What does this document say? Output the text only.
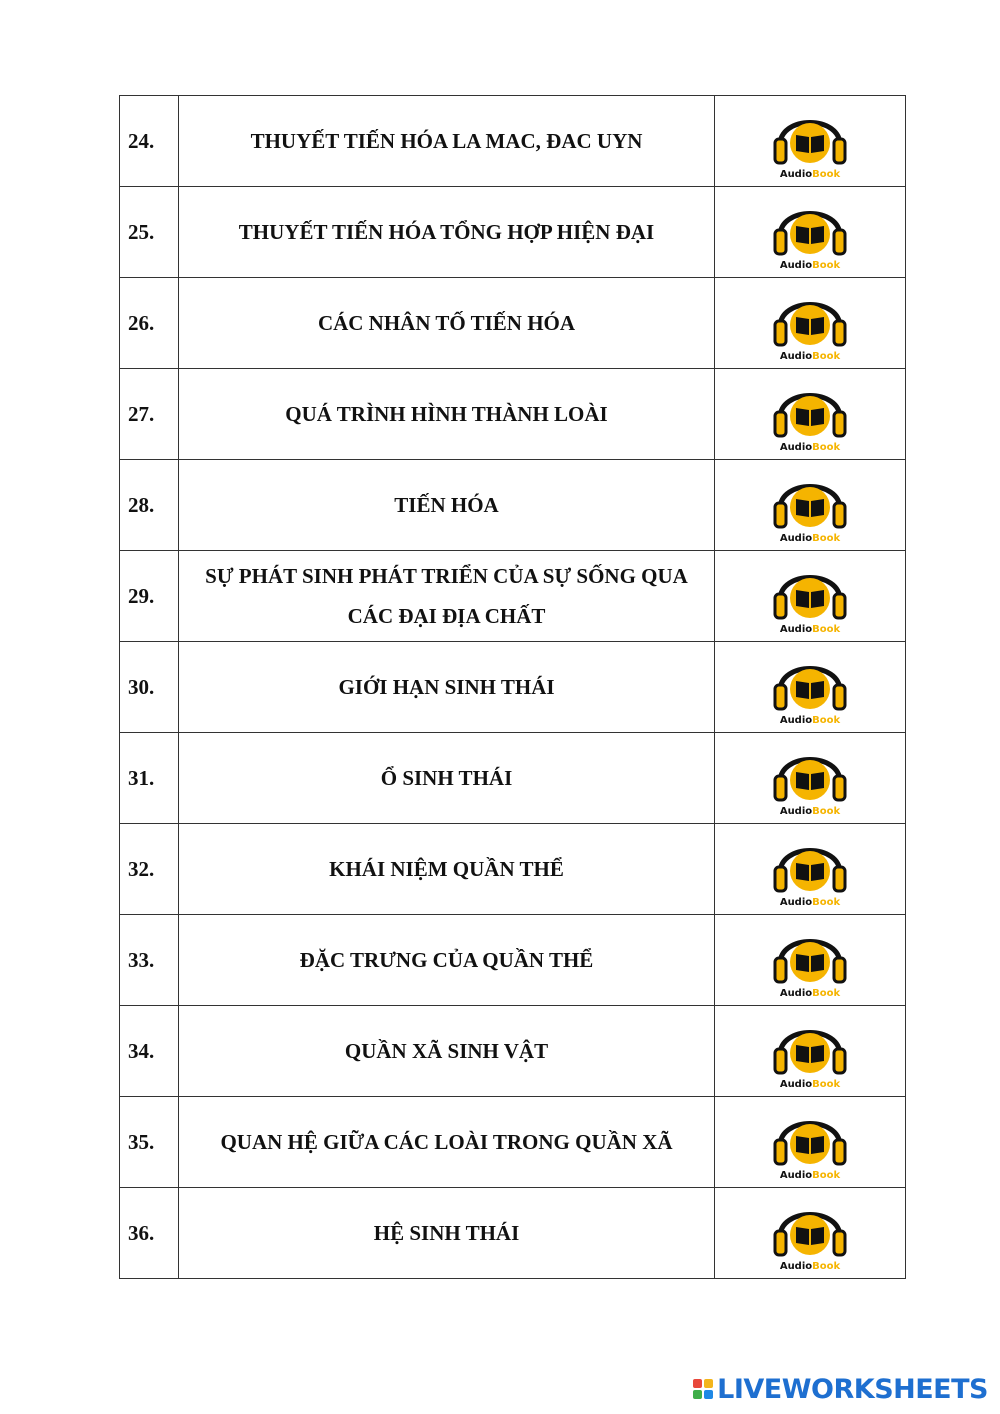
24.	THUYẾT TIẾN HÓA LA MAC, ĐAC UYN	AudioBook

25.	THUYẾT TIẾN HÓA TỔNG HỢP HIỆN ĐẠI	AudioBook

26.	CÁC NHÂN TỐ TIẾN HÓA	AudioBook

27.	QUÁ TRÌNH HÌNH THÀNH LOÀI	AudioBook

28.	TIẾN HÓA	AudioBook

29.	SỰ PHÁT SINH PHÁT TRIỂN CỦA SỰ SỐNG QUA CÁC ĐẠI ĐỊA CHẤT	AudioBook

30.	GIỚI HẠN SINH THÁI	AudioBook

31.	Ổ SINH THÁI	AudioBook

32.	KHÁI NIỆM QUẦN THỂ	AudioBook

33.	ĐẶC TRƯNG CỦA QUẦN THỂ	AudioBook

34.	QUẦN XÃ SINH VẬT	AudioBook

35.	QUAN HỆ GIỮA CÁC LOÀI TRONG QUẦN XÃ	AudioBook

36.	HỆ SINH THÁI	AudioBook
LIVEWORKSHEETS
